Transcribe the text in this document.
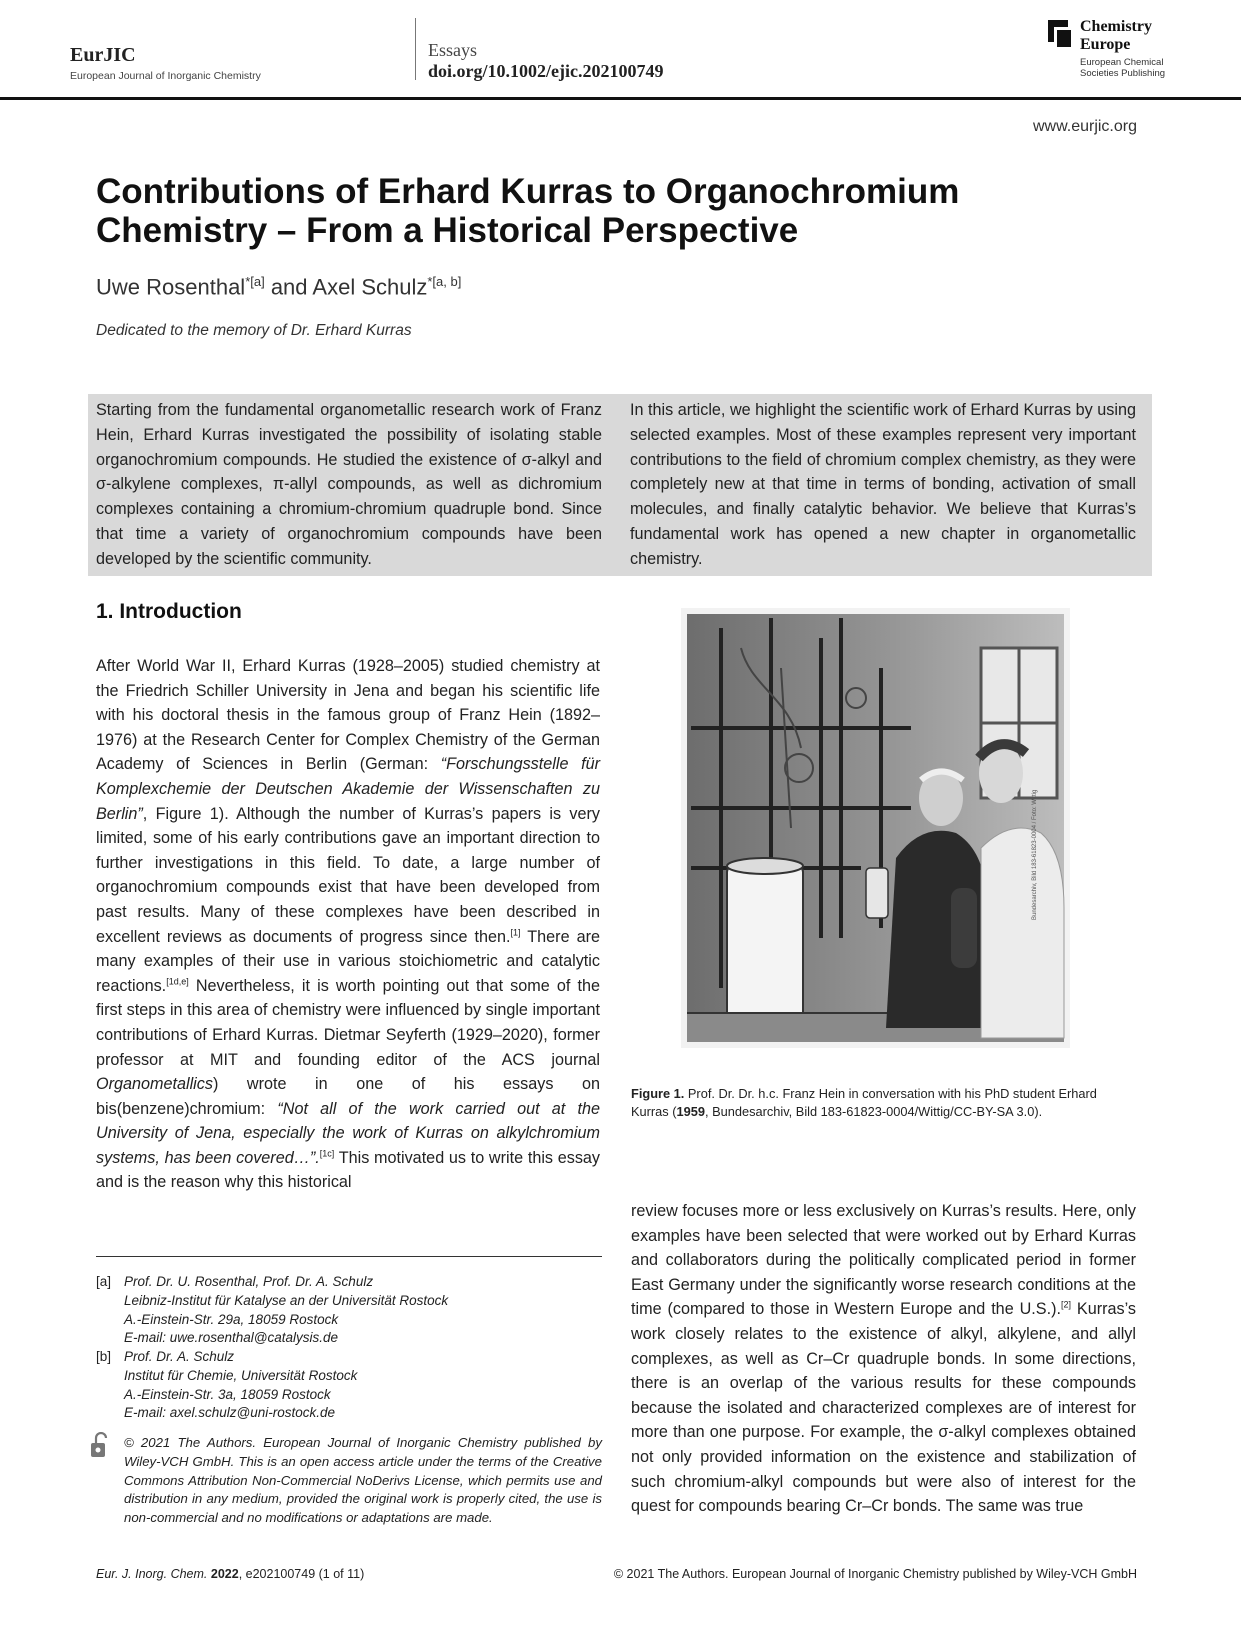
EurJIC
European Journal of Inorganic Chemistry
Essays
doi.org/10.1002/ejic.202100749
Chemistry Europe
European Chemical Societies Publishing
www.eurjic.org
Contributions of Erhard Kurras to Organochromium Chemistry – From a Historical Perspective
Uwe Rosenthal$^{*[a]}$ and Axel Schulz$^{*[a, b]}$
Dedicated to the memory of Dr. Erhard Kurras
Starting from the fundamental organometallic research work of Franz Hein, Erhard Kurras investigated the possibility of isolating stable organochromium compounds. He studied the existence of σ-alkyl and σ-alkylene complexes, π-allyl compounds, as well as dichromium complexes containing a chromium-chromium quadruple bond. Since that time a variety of organochromium compounds have been developed by the scientific community.
In this article, we highlight the scientific work of Erhard Kurras by using selected examples. Most of these examples represent very important contributions to the field of chromium complex chemistry, as they were completely new at that time in terms of bonding, activation of small molecules, and finally catalytic behavior. We believe that Kurras’s fundamental work has opened a new chapter in organometallic chemistry.
1. Introduction
After World War II, Erhard Kurras (1928–2005) studied chemistry at the Friedrich Schiller University in Jena and began his scientific life with his doctoral thesis in the famous group of Franz Hein (1892–1976) at the Research Center for Complex Chemistry of the German Academy of Sciences in Berlin (German: “Forschungsstelle für Komplexchemie der Deutschen Akademie der Wissenschaften zu Berlin”, Figure 1). Although the number of Kurras’s papers is very limited, some of his early contributions gave an important direction to further investigations in this field. To date, a large number of organochromium compounds exist that have been developed from past results. Many of these complexes have been described in excellent reviews as documents of progress since then.[1] There are many examples of their use in various stoichiometric and catalytic reactions.[1d,e] Nevertheless, it is worth pointing out that some of the first steps in this area of chemistry were influenced by single important contributions of Erhard Kurras. Dietmar Seyferth (1929–2020), former professor at MIT and founding editor of the ACS journal Organometallics) wrote in one of his essays on bis(benzene)chromium: “Not all of the work carried out at the University of Jena, especially the work of Kurras on alkylchromium systems, has been covered…”.[1c] This motivated us to write this essay and is the reason why this historical
Bundesarchiv, Bild 183-61823-0004 / Foto: Wittig
Figure 1. Prof. Dr. Dr. h.c. Franz Hein in conversation with his PhD student Erhard Kurras (1959, Bundesarchiv, Bild 183-61823-0004/Wittig/CC-BY-SA 3.0).
review focuses more or less exclusively on Kurras’s results. Here, only examples have been selected that were worked out by Erhard Kurras and collaborators during the politically complicated period in former East Germany under the significantly worse research conditions at the time (compared to those in Western Europe and the U.S.).[2] Kurras’s work closely relates to the existence of alkyl, alkylene, and allyl complexes, as well as Cr–Cr quadruple bonds. In some directions, there is an overlap of the various results for these compounds because the isolated and characterized complexes are of interest for more than one purpose. For example, the σ-alkyl complexes obtained not only provided information on the existence and stabilization of such chromium-alkyl compounds but were also of interest for the quest for compounds bearing Cr–Cr bonds. The same was true
[a] Prof. Dr. U. Rosenthal, Prof. Dr. A. Schulz
Leibniz-Institut für Katalyse an der Universität Rostock
A.-Einstein-Str. 29a, 18059 Rostock
E-mail: uwe.rosenthal@catalysis.de
[b] Prof. Dr. A. Schulz
Institut für Chemie, Universität Rostock
A.-Einstein-Str. 3a, 18059 Rostock
E-mail: axel.schulz@uni-rostock.de
© 2021 The Authors. European Journal of Inorganic Chemistry published by Wiley-VCH GmbH. This is an open access article under the terms of the Creative Commons Attribution Non-Commercial NoDerivs License, which permits use and distribution in any medium, provided the original work is properly cited, the use is non-commercial and no modifications or adaptations are made.
Eur. J. Inorg. Chem. 2022, e202100749 (1 of 11)	© 2021 The Authors. European Journal of Inorganic Chemistry published by Wiley-VCH GmbH
